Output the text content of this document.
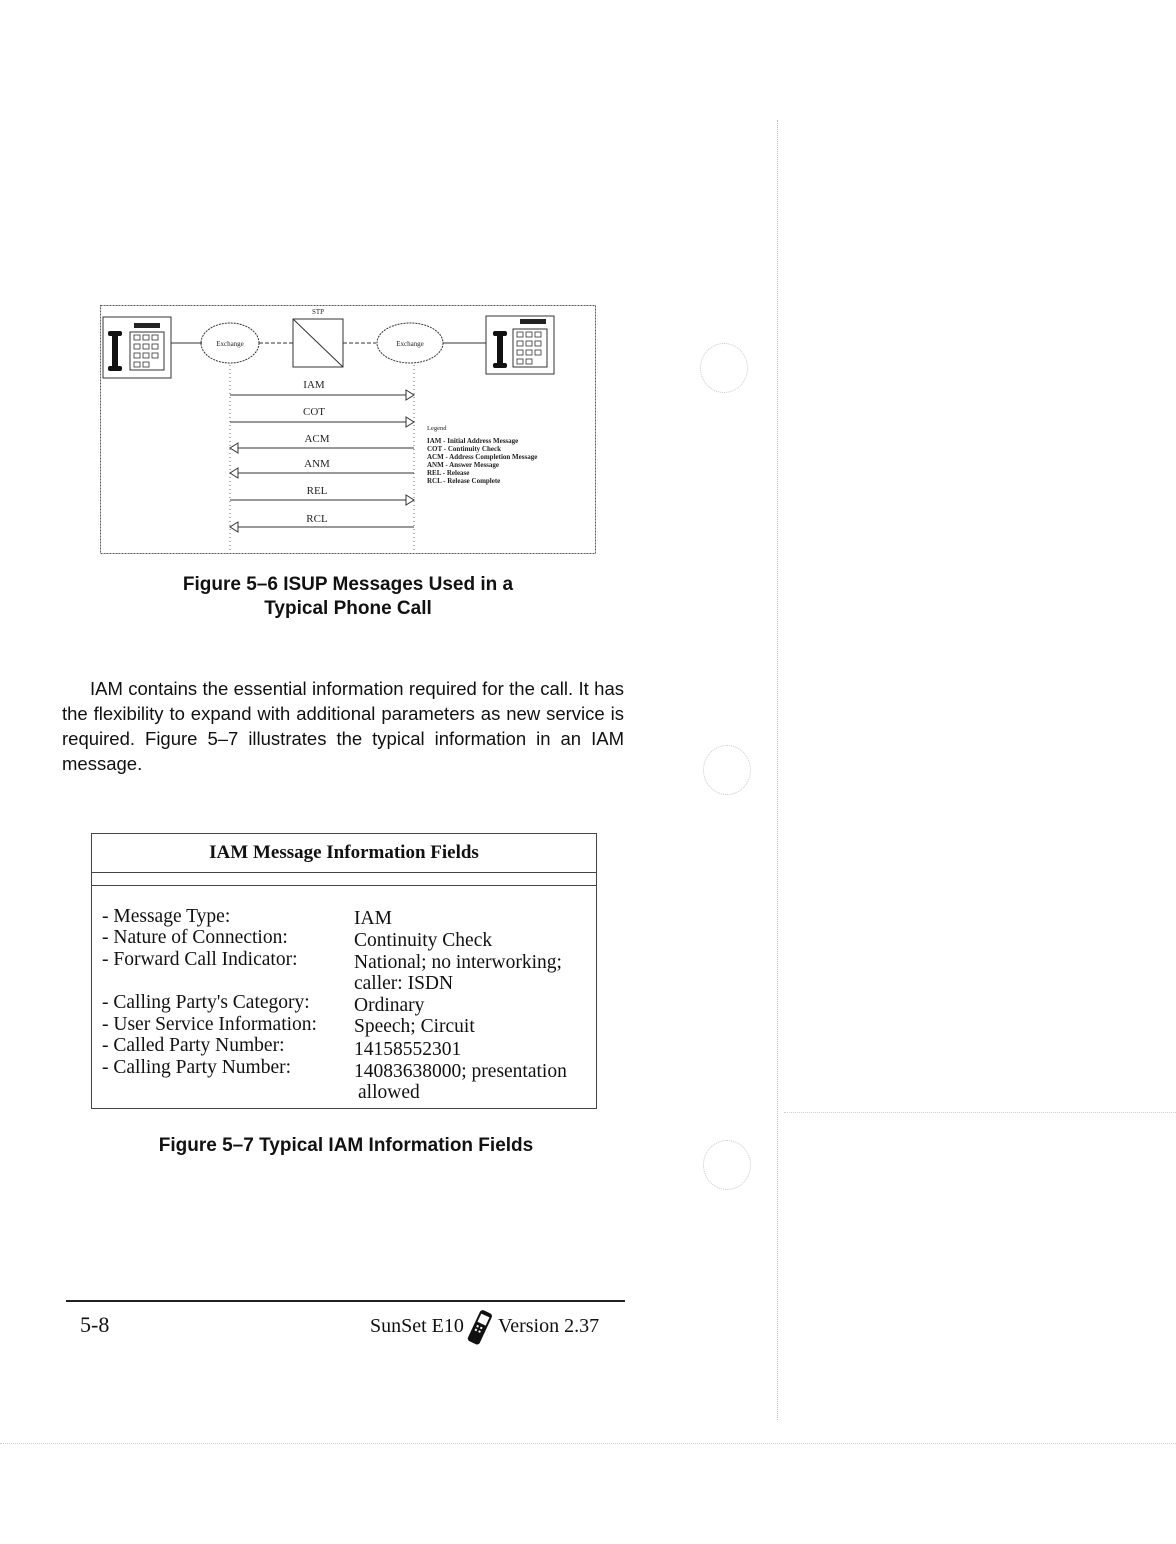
Exchange
STP
Exchange
IAM
COT
ACM
ANM
REL
RCL
Legend
IAM - Initial Address Message
COT - Continuity Check
ACM - Address Completion Message
ANM - Answer Message
REL - Release
RCL - Release Complete
Figure 5–6 ISUP Messages Used in a
Typical Phone Call
IAM contains the essential information required for the call. It has the flexibility to expand with additional parameters as new service is required. Figure 5–7 illustrates the typical information in an IAM message.
IAM Message Information Fields
- Message Type:	IAM
- Nature of Connection:	Continuity Check
- Forward Call Indicator:	National; no interworking;
caller: ISDN
- Calling Party's Category: Ordinary
- User Service Information: Speech; Circuit
- Called Party Number:	14158552301
- Calling Party Number:	14083638000; presentation
allowed
Figure 5–7 Typical IAM Information Fields
5-8	SunSet E10 Version 2.37
